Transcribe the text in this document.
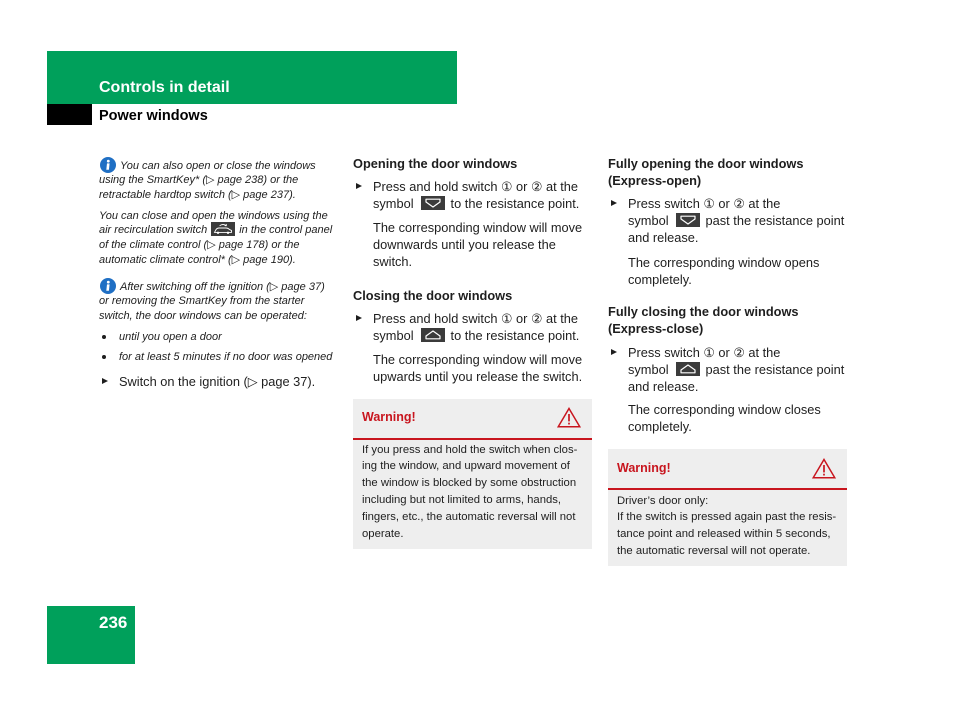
Controls in detail
Power windows
You can also open or close the windows
using the SmartKey* (▷ page 238) or the
retractable hardtop switch (▷ page 237).
You can close and open the windows using the
air recirculation switch	in the control panel
of the climate control (▷ page 178) or the
automatic climate control* (▷ page 190).
After switching off the ignition (▷ page 37)
or removing the SmartKey from the starter
switch, the door windows can be operated:
until you open a door
for at least 5 minutes if no door was opened
Switch on the ignition (▷ page 37).
Opening the door windows
Press and hold switch ① or ② at the
symbol	to the resistance point.
The corresponding window will move
downwards until you release the
switch.
Closing the door windows
Press and hold switch ① or ② at the
symbol	to the resistance point.
The corresponding window will move
upwards until you release the switch.
Warning!
If you press and hold the switch when clos-
ing the window, and upward movement of
the window is blocked by some obstruction
including but not limited to arms, hands,
fingers, etc., the automatic reversal will not
operate.
Fully opening the door windows
(Express-open)
Press switch ① or ② at the
symbol	past the resistance point
and release.
The corresponding window opens
completely.
Fully closing the door windows
(Express-close)
Press switch ① or ② at the
symbol	past the resistance point
and release.
The corresponding window closes
completely.
Warning!
Driver’s door only:
If the switch is pressed again past the resis-
tance point and released within 5 seconds,
the automatic reversal will not operate.
236
